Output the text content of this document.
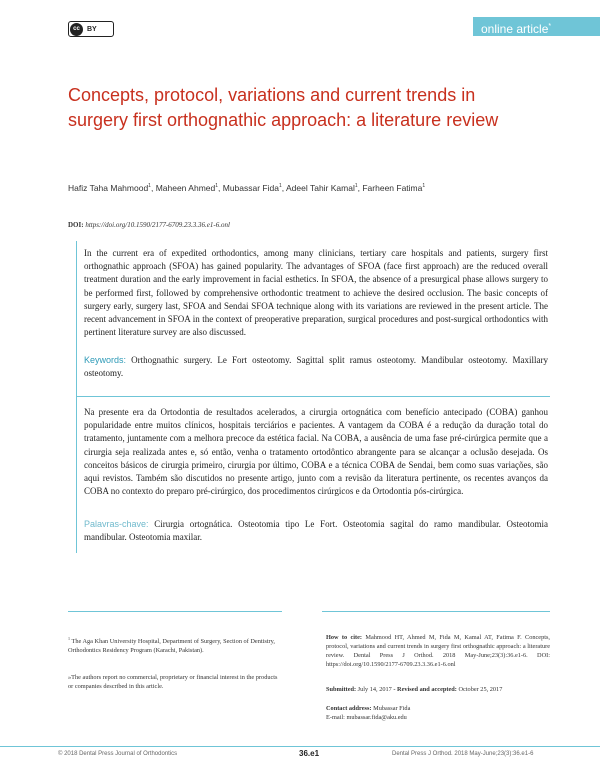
cc	BY	online article*
Concepts, protocol, variations and current trends in surgery first orthognathic approach: a literature review
Hafiz Taha Mahmood$^1$, Maheen Ahmed$^1$, Mubassar Fida$^1$, Adeel Tahir Kamal$^1$, Farheen Fatima$^1$
DOI: https://doi.org/10.1590/2177-6709.23.3.36.e1-6.onl

In the current era of expedited orthodontics, among many clinicians, tertiary care hospitals and patients, surgery first orthognathic approach (SFOA) has gained popularity. The advantages of SFOA (face first approach) are the reduced overall treatment duration and the early improvement in facial esthetics. In SFOA, the absence of a presurgical phase allows surgery to be performed first, followed by comprehensive orthodontic treatment to achieve the desired occlusion. The basic concepts of surgery early, surgery last, SFOA and Sendai SFOA technique along with its variations are reviewed in the present article. The recent advancement in SFOA in the context of preoperative preparation, surgical procedures and post-surgical orthodontics with pertinent literature survey are also discussed.

Keywords: Orthognathic surgery. Le Fort osteotomy. Sagittal split ramus osteotomy. Mandibular osteotomy. Maxillary osteotomy.

Na presente era da Ortodontia de resultados acelerados, a cirurgia ortognática com benefício antecipado (COBA) ganhou popularidade entre muitos clínicos, hospitais terciários e pacientes. A vantagem da COBA é a redução da duração total do tratamento, juntamente com a melhora precoce da estética facial. Na COBA, a ausência de uma fase pré-cirúrgica permite que a cirurgia seja realizada antes e, só então, venha o tratamento ortodôntico abrangente para se alcançar a oclusão desejada. Os conceitos básicos de cirurgia primeiro, cirurgia por último, COBA e a técnica COBA de Sendai, bem como suas variações, são aqui revistos. Também são discutidos no presente artigo, junto com a revisão da literatura pertinente, os recentes avanços da COBA no contexto do preparo pré-cirúrgico, dos procedimentos cirúrgicos e da Ortodontia pós-cirúrgica.

Palavras-chave: Cirurgia ortognática. Osteotomia tipo Le Fort. Osteotomia sagital do ramo mandibular. Osteotomia mandibular. Osteotomia maxilar.

$^1$ The Aga Khan University Hospital, Department of Surgery, Section of Dentistry, Orthodontics Residency Program (Karachi, Pakistan).

»The authors report no commercial, proprietary or financial interest in the products or companies described in this article.

How to cite: Mahmood HT, Ahmed M, Fida M, Kamal AT, Fatima F. Concepts, protocol, variations and current trends in surgery first orthognathic approach: a literature review. Dental Press J Orthod. 2018 May-June;23(3):36.e1-6. DOI: https://doi.org/10.1590/2177-6709.23.3.36.e1-6.onl

Submitted: July 14, 2017 - Revised and accepted: October 25, 2017

Contact address: Mubassar Fida
E-mail: mubassar.fida@aku.edu

© 2018 Dental Press Journal of Orthodontics	36.e1	Dental Press J Orthod. 2018 May-June;23(3):36.e1-6
